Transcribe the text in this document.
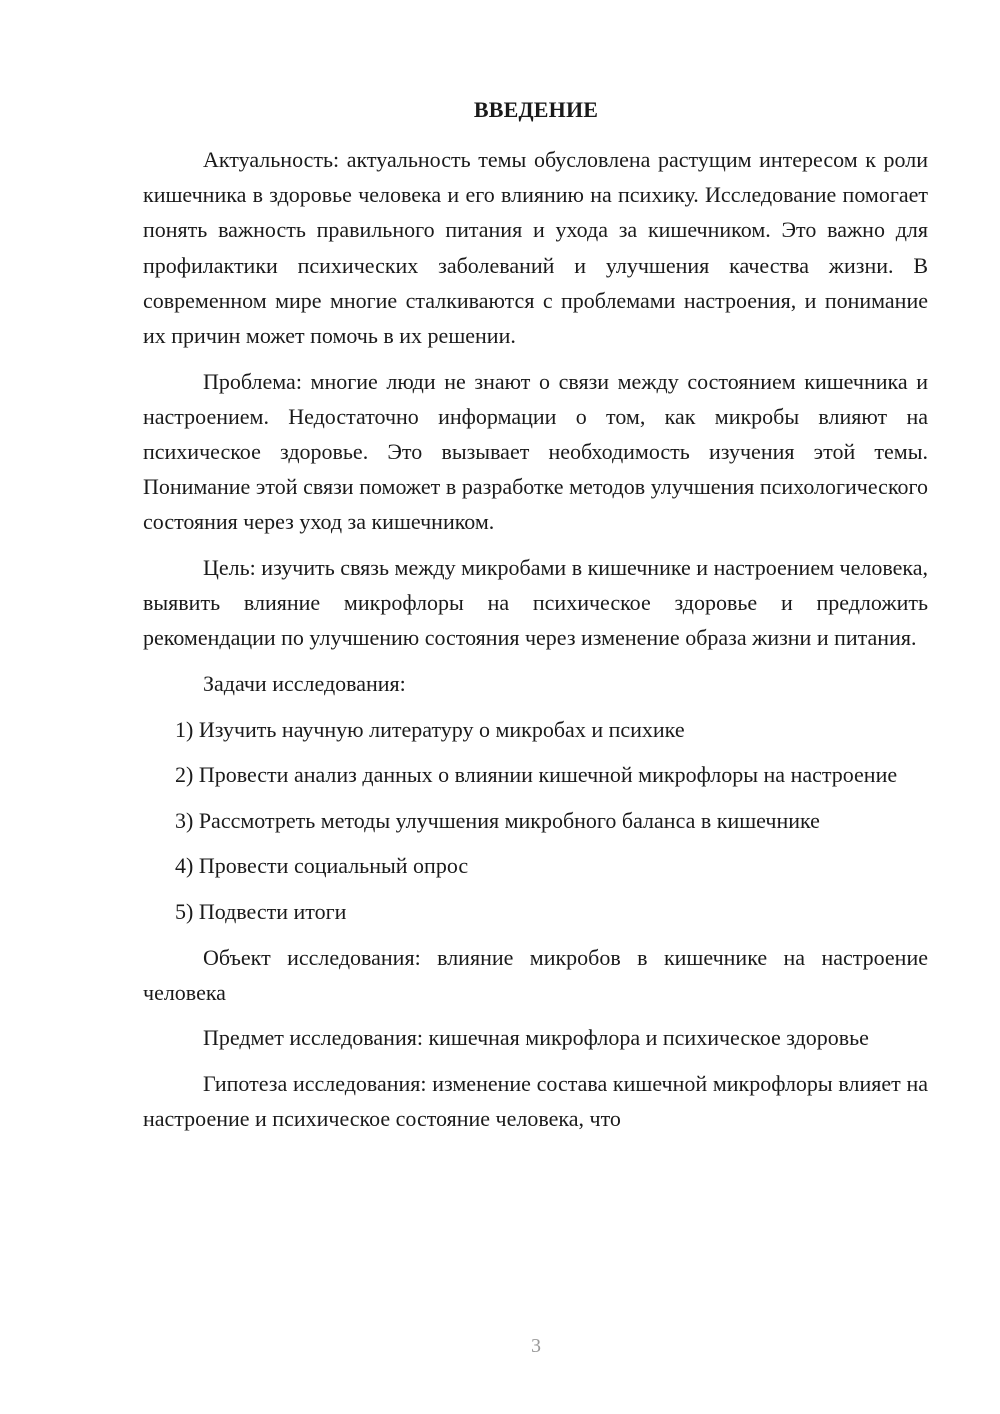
ВВЕДЕНИЕ

Актуальность: актуальность темы обусловлена растущим интересом к роли кишечника в здоровье человека и его влиянию на психику. Исследование помогает понять важность правильного питания и ухода за кишечником. Это важно для профилактики психических заболеваний и улучшения качества жизни. В современном мире многие сталкиваются с проблемами настроения, и понимание их причин может помочь в их решении.

Проблема: многие люди не знают о связи между состоянием кишечника и настроением. Недостаточно информации о том, как микробы влияют на психическое здоровье. Это вызывает необходимость изучения этой темы. Понимание этой связи поможет в разработке методов улучшения психологического состояния через уход за кишечником.

Цель: изучить связь между микробами в кишечнике и настроением человека, выявить влияние микрофлоры на психическое здоровье и предложить рекомендации по улучшению состояния через изменение образа жизни и питания.

Задачи исследования:

1) Изучить научную литературу о микробах и психике

2) Провести анализ данных о влиянии кишечной микрофлоры на настроение

3) Рассмотреть методы улучшения микробного баланса в кишечнике

4) Провести социальный опрос

5) Подвести итоги

Объект исследования: влияние микробов в кишечнике на настроение человека

Предмет исследования: кишечная микрофлора и психическое здоровье

Гипотеза исследования: изменение состава кишечной микрофлоры влияет на настроение и психическое состояние человека, что

3
